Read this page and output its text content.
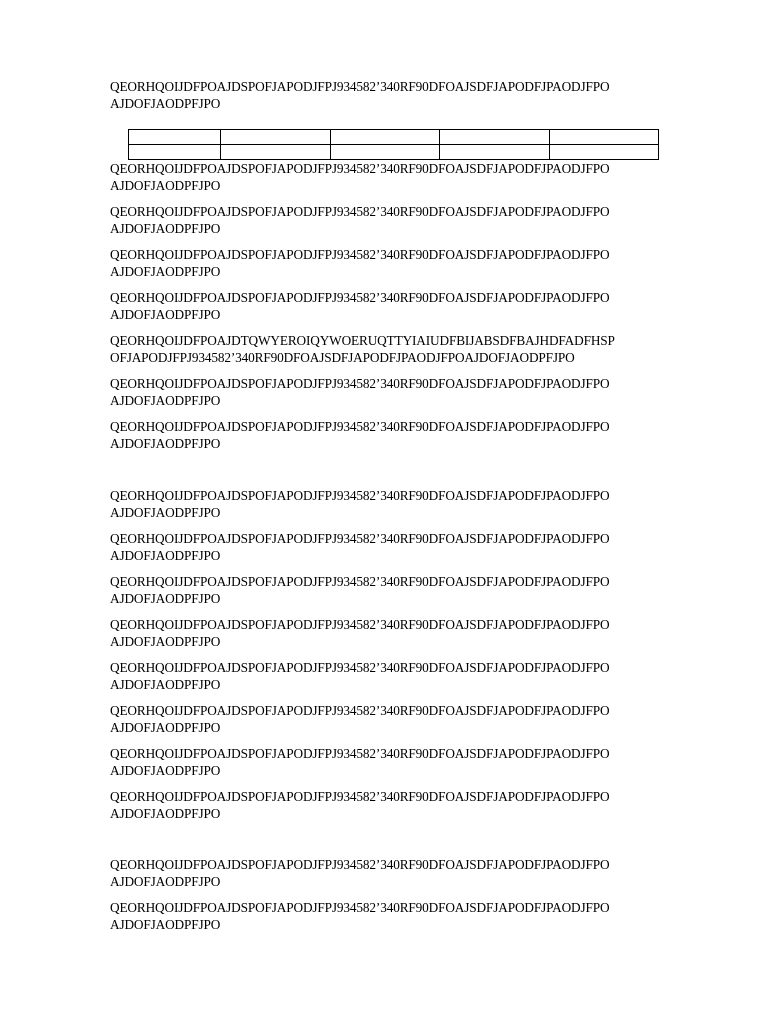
QEORHQOIJDFPOAJDSPOFJAPODJFPJ934582’340RF90DFOAJSDFJAPODFJPAODJFPO
AJDOFJAODPFJPO

QEORHQOIJDFPOAJDSPOFJAPODJFPJ934582’340RF90DFOAJSDFJAPODFJPAODJFPO
AJDOFJAODPFJPO

QEORHQOIJDFPOAJDSPOFJAPODJFPJ934582’340RF90DFOAJSDFJAPODFJPAODJFPO
AJDOFJAODPFJPO

QEORHQOIJDFPOAJDSPOFJAPODJFPJ934582’340RF90DFOAJSDFJAPODFJPAODJFPO
AJDOFJAODPFJPO

QEORHQOIJDFPOAJDSPOFJAPODJFPJ934582’340RF90DFOAJSDFJAPODFJPAODJFPO
AJDOFJAODPFJPO

QEORHQOIJDFPOAJDTQWYEROIQYWOERUQTTYIAIUDFBIJABSDFBAJHDFADFHSP
OFJAPODJFPJ934582’340RF90DFOAJSDFJAPODFJPAODJFPOAJDOFJAODPFJPO

QEORHQOIJDFPOAJDSPOFJAPODJFPJ934582’340RF90DFOAJSDFJAPODFJPAODJFPO
AJDOFJAODPFJPO

QEORHQOIJDFPOAJDSPOFJAPODJFPJ934582’340RF90DFOAJSDFJAPODFJPAODJFPO
AJDOFJAODPFJPO

QEORHQOIJDFPOAJDSPOFJAPODJFPJ934582’340RF90DFOAJSDFJAPODFJPAODJFPO
AJDOFJAODPFJPO

QEORHQOIJDFPOAJDSPOFJAPODJFPJ934582’340RF90DFOAJSDFJAPODFJPAODJFPO
AJDOFJAODPFJPO

QEORHQOIJDFPOAJDSPOFJAPODJFPJ934582’340RF90DFOAJSDFJAPODFJPAODJFPO
AJDOFJAODPFJPO

QEORHQOIJDFPOAJDSPOFJAPODJFPJ934582’340RF90DFOAJSDFJAPODFJPAODJFPO
AJDOFJAODPFJPO

QEORHQOIJDFPOAJDSPOFJAPODJFPJ934582’340RF90DFOAJSDFJAPODFJPAODJFPO
AJDOFJAODPFJPO

QEORHQOIJDFPOAJDSPOFJAPODJFPJ934582’340RF90DFOAJSDFJAPODFJPAODJFPO
AJDOFJAODPFJPO

QEORHQOIJDFPOAJDSPOFJAPODJFPJ934582’340RF90DFOAJSDFJAPODFJPAODJFPO
AJDOFJAODPFJPO

QEORHQOIJDFPOAJDSPOFJAPODJFPJ934582’340RF90DFOAJSDFJAPODFJPAODJFPO
AJDOFJAODPFJPO

QEORHQOIJDFPOAJDSPOFJAPODJFPJ934582’340RF90DFOAJSDFJAPODFJPAODJFPO
AJDOFJAODPFJPO

QEORHQOIJDFPOAJDSPOFJAPODJFPJ934582’340RF90DFOAJSDFJAPODFJPAODJFPO
AJDOFJAODPFJPO
